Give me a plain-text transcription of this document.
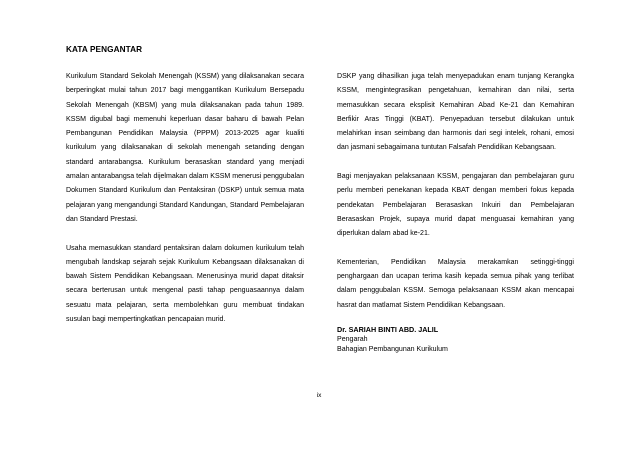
KATA PENGANTAR

Kurikulum Standard Sekolah Menengah (KSSM) yang dilaksanakan secara berperingkat mulai tahun 2017 bagi menggantikan Kurikulum Bersepadu Sekolah Menengah (KBSM) yang mula dilaksanakan pada tahun 1989. KSSM digubal bagi memenuhi keperluan dasar baharu di bawah Pelan Pembangunan Pendidikan Malaysia (PPPM) 2013-2025 agar kualiti kurikulum yang dilaksanakan di sekolah menengah setanding dengan standard antarabangsa. Kurikulum berasaskan standard yang menjadi amalan antarabangsa telah dijelmakan dalam KSSM menerusi penggubalan Dokumen Standard Kurikulum dan Pentaksiran (DSKP) untuk semua mata pelajaran yang mengandungi Standard Kandungan, Standard Pembelajaran dan Standard Prestasi.

Usaha memasukkan standard pentaksiran dalam dokumen kurikulum telah mengubah landskap sejarah sejak Kurikulum Kebangsaan dilaksanakan di bawah Sistem Pendidikan Kebangsaan. Menerusinya murid dapat ditaksir secara berterusan untuk mengenal pasti tahap penguasaannya dalam sesuatu mata pelajaran, serta membolehkan guru membuat tindakan susulan bagi mempertingkatkan pencapaian murid.

DSKP yang dihasilkan juga telah menyepadukan enam tunjang Kerangka KSSM, mengintegrasikan pengetahuan, kemahiran dan nilai, serta memasukkan secara eksplisit Kemahiran Abad Ke-21 dan Kemahiran Berfikir Aras Tinggi (KBAT). Penyepaduan tersebut dilakukan untuk melahirkan insan seimbang dan harmonis dari segi intelek, rohani, emosi dan jasmani sebagaimana tuntutan Falsafah Pendidikan Kebangsaan.

Bagi menjayakan pelaksanaan KSSM, pengajaran dan pembelajaran guru perlu memberi penekanan kepada KBAT dengan memberi fokus kepada pendekatan Pembelajaran Berasaskan Inkuiri dan Pembelajaran Berasaskan Projek, supaya murid dapat menguasai kemahiran yang diperlukan dalam abad ke-21.

Kementerian, Pendidikan Malaysia merakamkan setinggi-tinggi penghargaan dan ucapan terima kasih kepada semua pihak yang terlibat dalam penggubalan KSSM. Semoga pelaksanaan KSSM akan mencapai hasrat dan matlamat Sistem Pendidikan Kebangsaan.

Dr. SARIAH BINTI ABD. JALIL
Pengarah
Bahagian Pembangunan Kurikulum
ix
